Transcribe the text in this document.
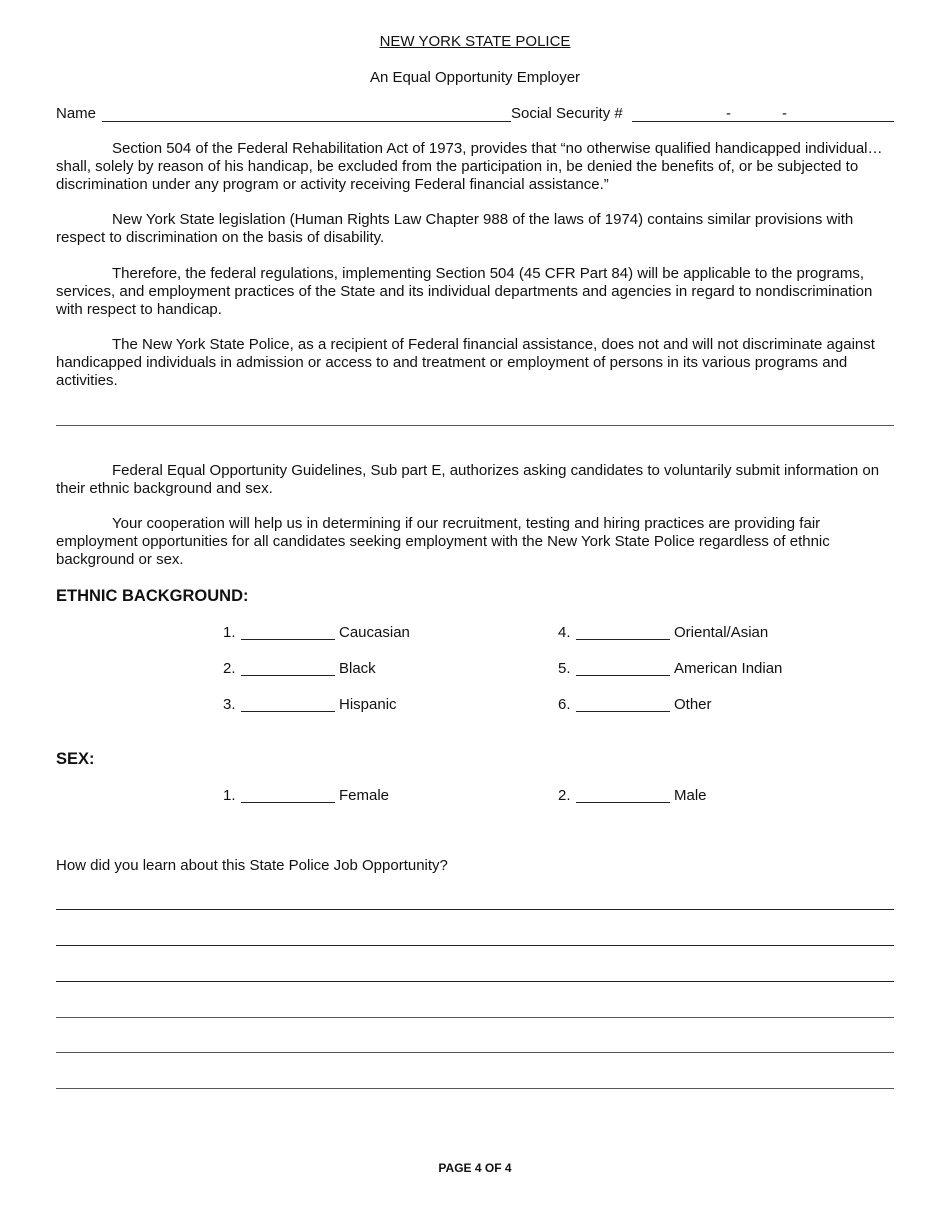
NEW YORK STATE POLICE
An Equal Opportunity Employer
Name	Social Security #	-	-
Section 504 of the Federal Rehabilitation Act of 1973, provides that “no otherwise qualified handicapped individual…shall, solely by reason of his handicap, be excluded from the participation in, be denied the benefits of, or be subjected to discrimination under any program or activity receiving Federal financial assistance.”
New York State legislation (Human Rights Law Chapter 988 of the laws of 1974) contains similar provisions with respect to discrimination on the basis of disability.
Therefore, the federal regulations, implementing Section 504 (45 CFR Part 84) will be applicable to the programs, services, and employment practices of the State and its individual departments and agencies in regard to nondiscrimination with respect to handicap.
The New York State Police, as a recipient of Federal financial assistance, does not and will not discriminate against handicapped individuals in admission or access to and treatment or employment of persons in its various programs and activities.
Federal Equal Opportunity Guidelines, Sub part E, authorizes asking candidates to voluntarily submit information on their ethnic background and sex.
Your cooperation will help us in determining if our recruitment, testing and hiring practices are providing fair employment opportunities for all candidates seeking employment with the New York State Police regardless of ethnic background or sex.
ETHNIC BACKGROUND:
1.	Caucasian
2.	Black
3.	Hispanic
4.	Oriental/Asian
5.	American Indian
6.	Other
SEX:
1.	Female	2.	Male
How did you learn about this State Police Job Opportunity?
PAGE 4 OF 4
